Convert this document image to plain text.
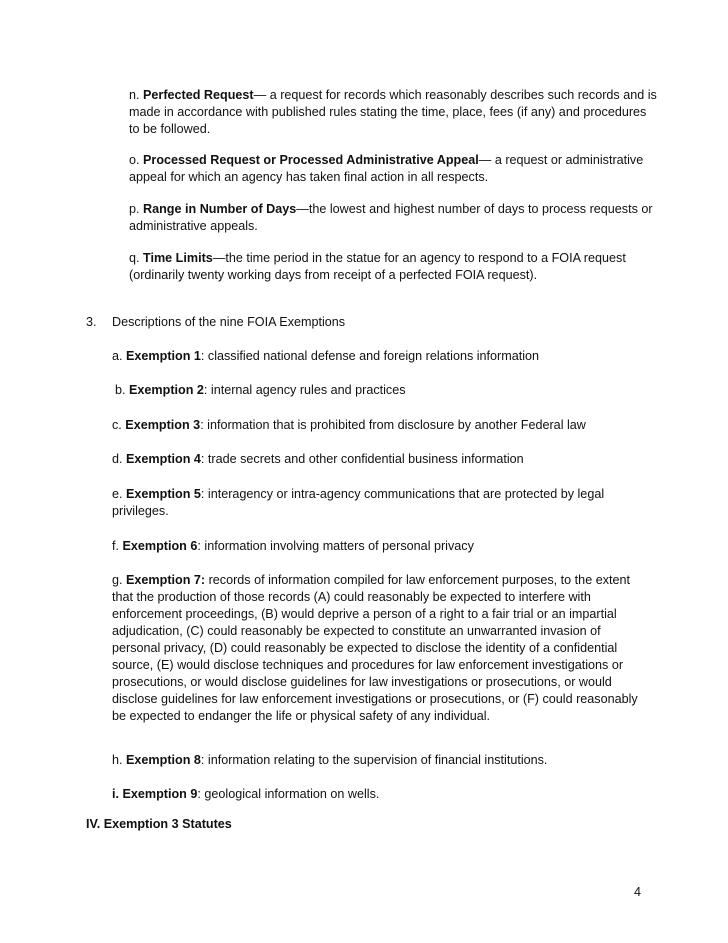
n. Perfected Request— a request for records which reasonably describes such records and is made in accordance with published rules stating the time, place, fees (if any) and procedures to be followed.

o. Processed Request or Processed Administrative Appeal— a request or administrative appeal for which an agency has taken final action in all respects.

p. Range in Number of Days—the lowest and highest number of days to process requests or administrative appeals.

q. Time Limits—the time period in the statue for an agency to respond to a FOIA request (ordinarily twenty working days from receipt of a perfected FOIA request).

3. Descriptions of the nine FOIA Exemptions

a. Exemption 1: classified national defense and foreign relations information

b. Exemption 2: internal agency rules and practices

c. Exemption 3: information that is prohibited from disclosure by another Federal law

d. Exemption 4: trade secrets and other confidential business information

e. Exemption 5: interagency or intra-agency communications that are protected by legal privileges.

f. Exemption 6: information involving matters of personal privacy

g. Exemption 7: records of information compiled for law enforcement purposes, to the extent that the production of those records (A) could reasonably be expected to interfere with enforcement proceedings, (B) would deprive a person of a right to a fair trial or an impartial adjudication, (C) could reasonably be expected to constitute an unwarranted invasion of personal privacy, (D) could reasonably be expected to disclose the identity of a confidential source, (E) would disclose techniques and procedures for law enforcement investigations or prosecutions, or would disclose guidelines for law investigations or prosecutions, or would disclose guidelines for law enforcement investigations or prosecutions, or (F) could reasonably be expected to endanger the life or physical safety of any individual.

h. Exemption 8: information relating to the supervision of financial institutions.

i. Exemption 9: geological information on wells.

IV. Exemption 3 Statutes
4
